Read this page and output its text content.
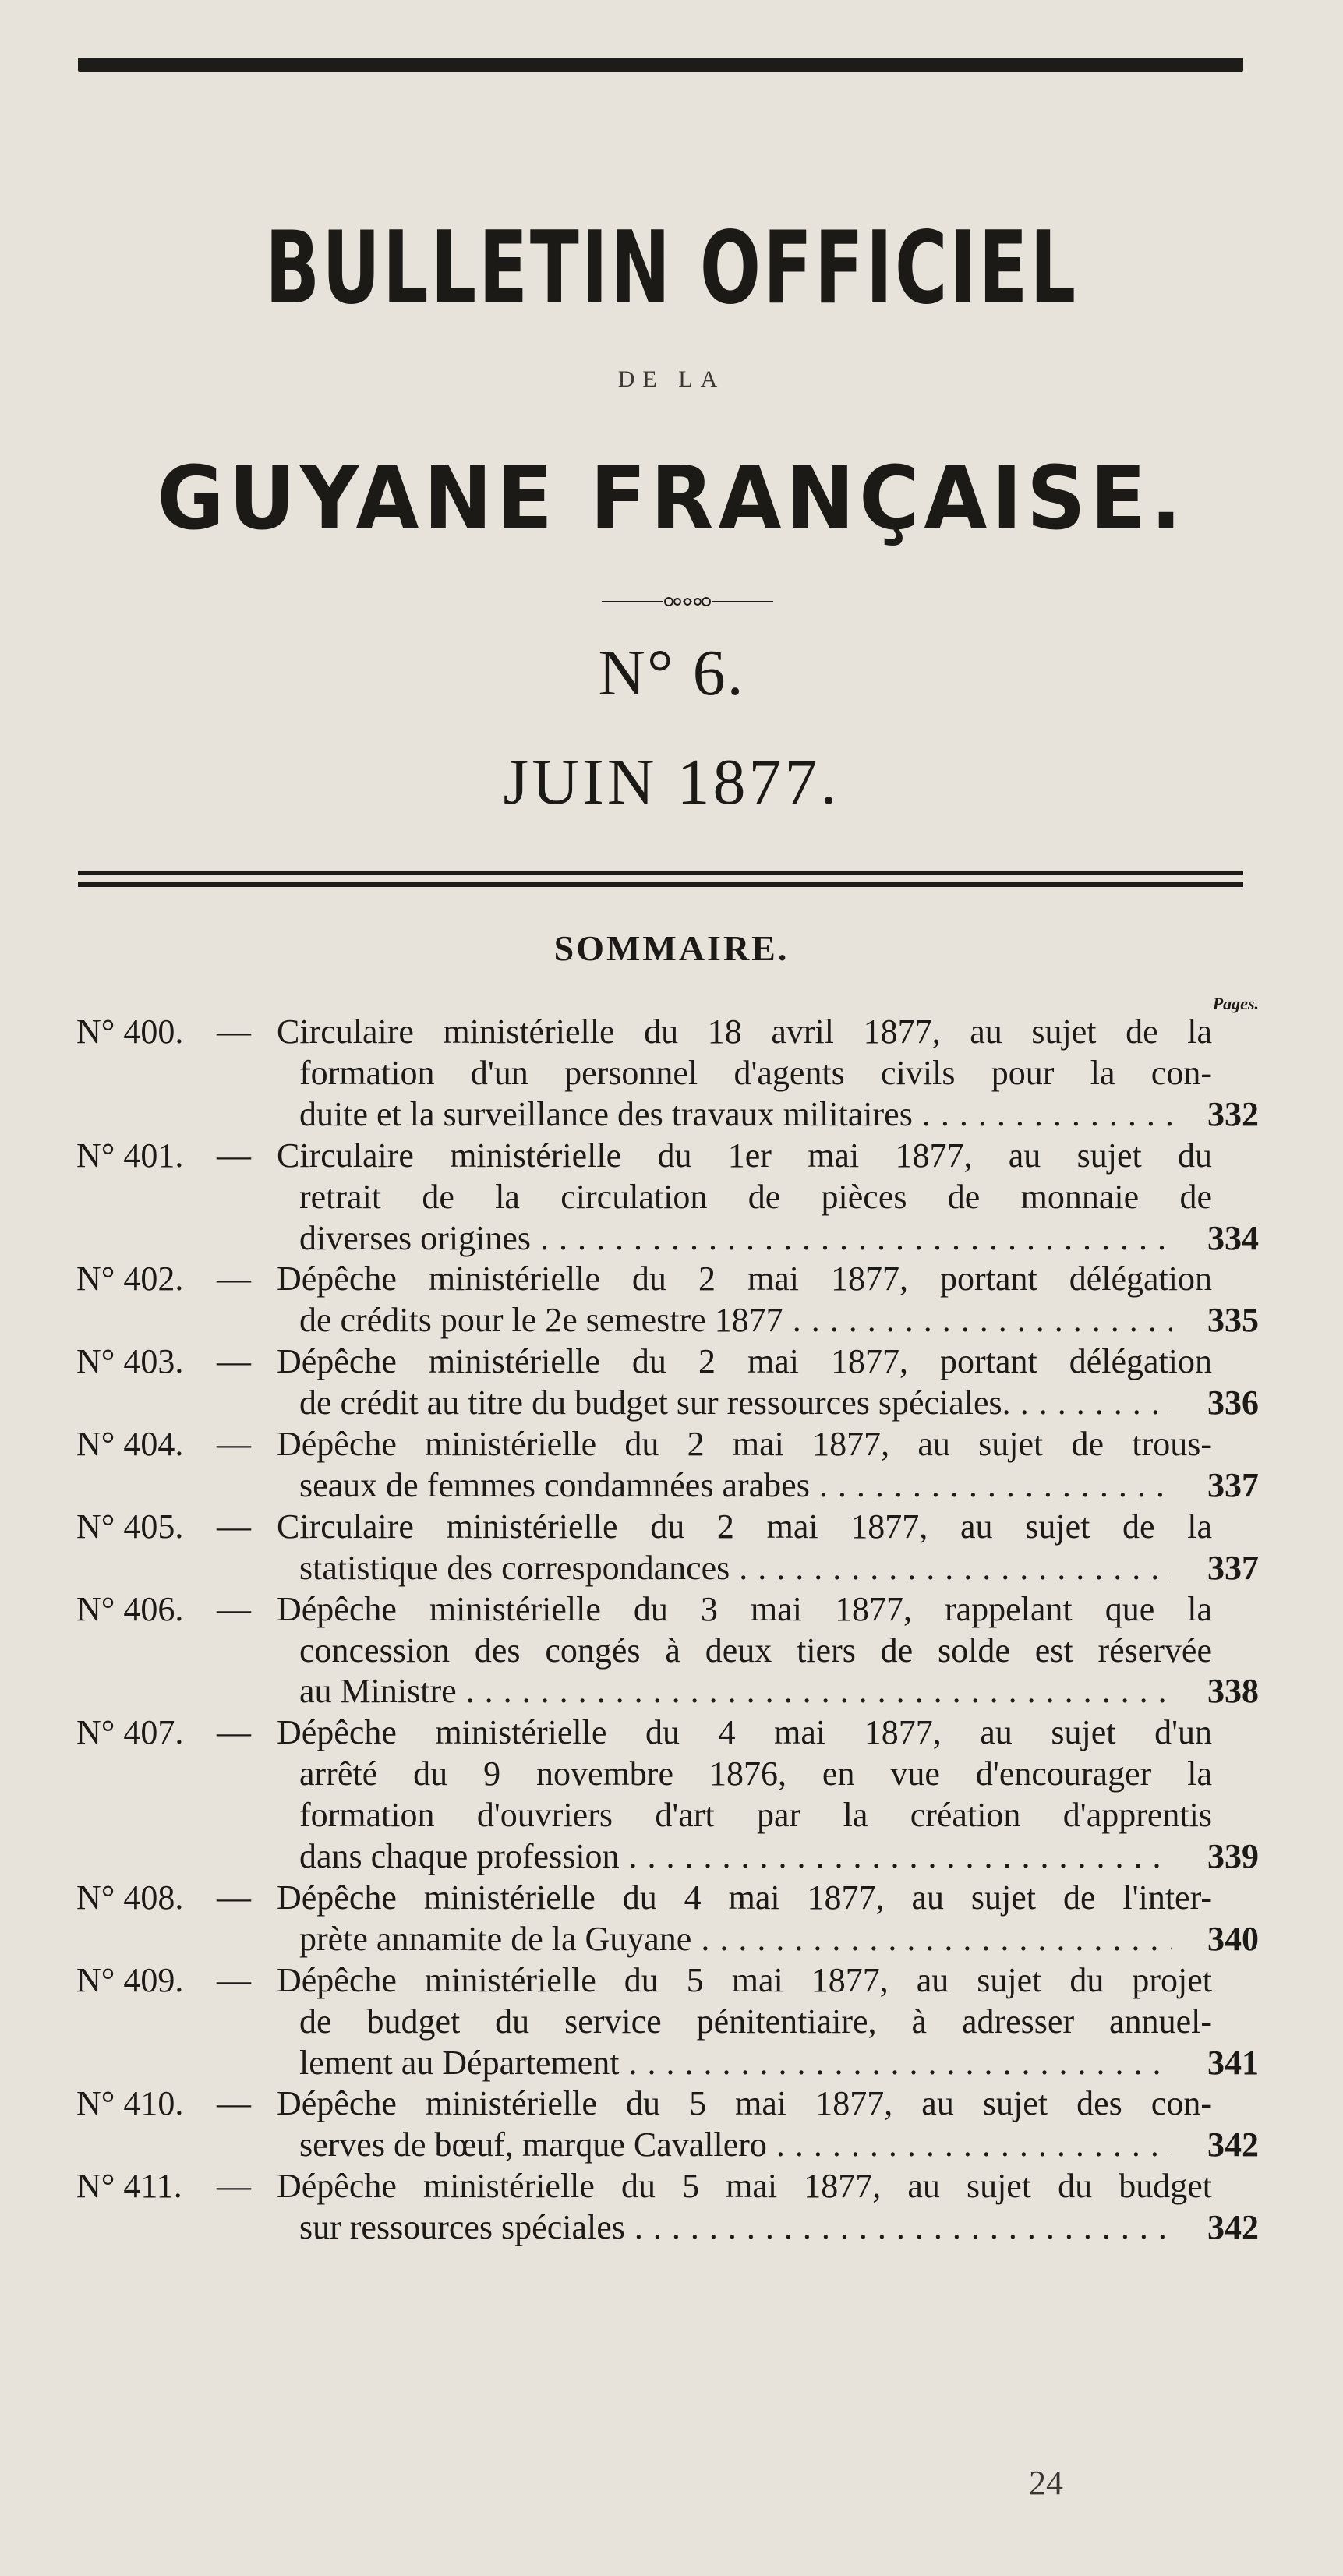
BULLETIN OFFICIEL
DE LA
GUYANE FRANÇAISE.
N° 6.
JUIN 1877.
SOMMAIRE.
Pages.
N° 400. — Circulaire ministérielle du 18 avril 1877, au sujet de la
formation d'un personnel d'agents civils pour la con-
duite et la surveillance des travaux militaires . . .	332
N° 401. — Circulaire ministérielle du 1er mai 1877, au sujet du
retrait de la circulation de pièces de monnaie de
diverses origines . . .	334
N° 402. — Dépêche ministérielle du 2 mai 1877, portant délégation
de crédits pour le 2e semestre 1877 . . .	335
N° 403. — Dépêche ministérielle du 2 mai 1877, portant délégation
de crédit au titre du budget sur ressources spéciales. . . .	336
N° 404. — Dépêche ministérielle du 2 mai 1877, au sujet de trous-
seaux de femmes condamnées arabes . . .	337
N° 405. — Circulaire ministérielle du 2 mai 1877, au sujet de la
statistique des correspondances . . .	337
N° 406. — Dépêche ministérielle du 3 mai 1877, rappelant que la
concession des congés à deux tiers de solde est réservée
au Ministre . . .	338
N° 407. — Dépêche ministérielle du 4 mai 1877, au sujet d'un
arrêté du 9 novembre 1876, en vue d'encourager la
formation d'ouvriers d'art par la création d'apprentis
dans chaque profession . . .	339
N° 408. — Dépêche ministérielle du 4 mai 1877, au sujet de l'inter-
prète annamite de la Guyane . . .	340
N° 409. — Dépêche ministérielle du 5 mai 1877, au sujet du projet
de budget du service pénitentiaire, à adresser annuel-
lement au Département . . .	341
N° 410. — Dépêche ministérielle du 5 mai 1877, au sujet des con-
serves de bœuf, marque Cavallero . . .	342
N° 411.	— Dépêche ministérielle du 5 mai 1877, au sujet du budget
sur ressources spéciales . . .	342
24
